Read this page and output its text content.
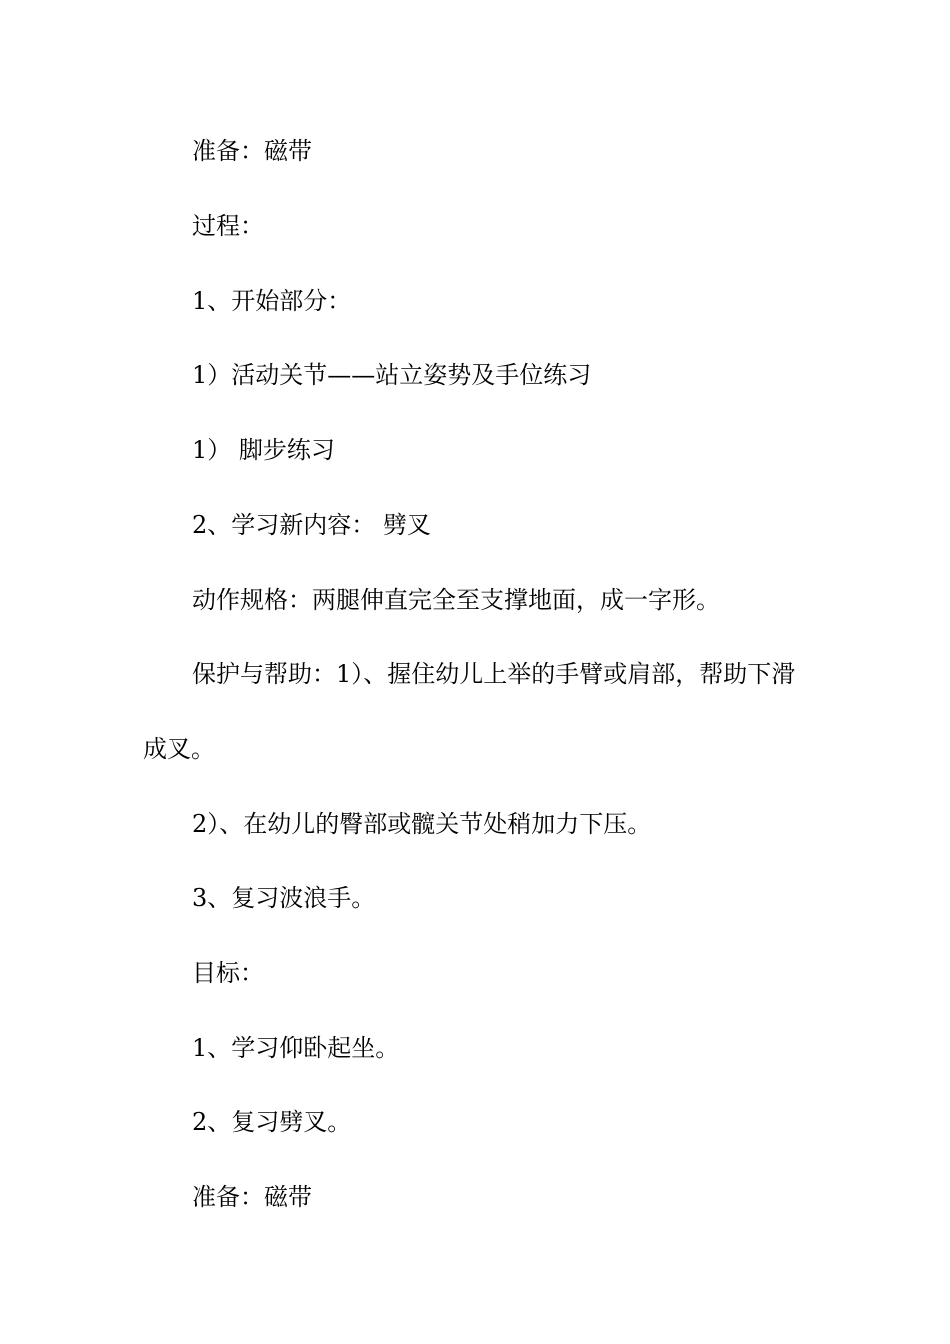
准备：磁带

过程：

1、开始部分：

1）活动关节——站立姿势及手位练习

1） 脚步练习

2、学习新内容： 劈叉

动作规格：两腿伸直完全至支撑地面，成一字形。

保护与帮助：1）、握住幼儿上举的手臂或肩部，帮助下滑

成叉。

2）、在幼儿的臀部或髋关节处稍加力下压。

3、复习波浪手。

目标：

1、学习仰卧起坐。

2、复习劈叉。

准备：磁带
